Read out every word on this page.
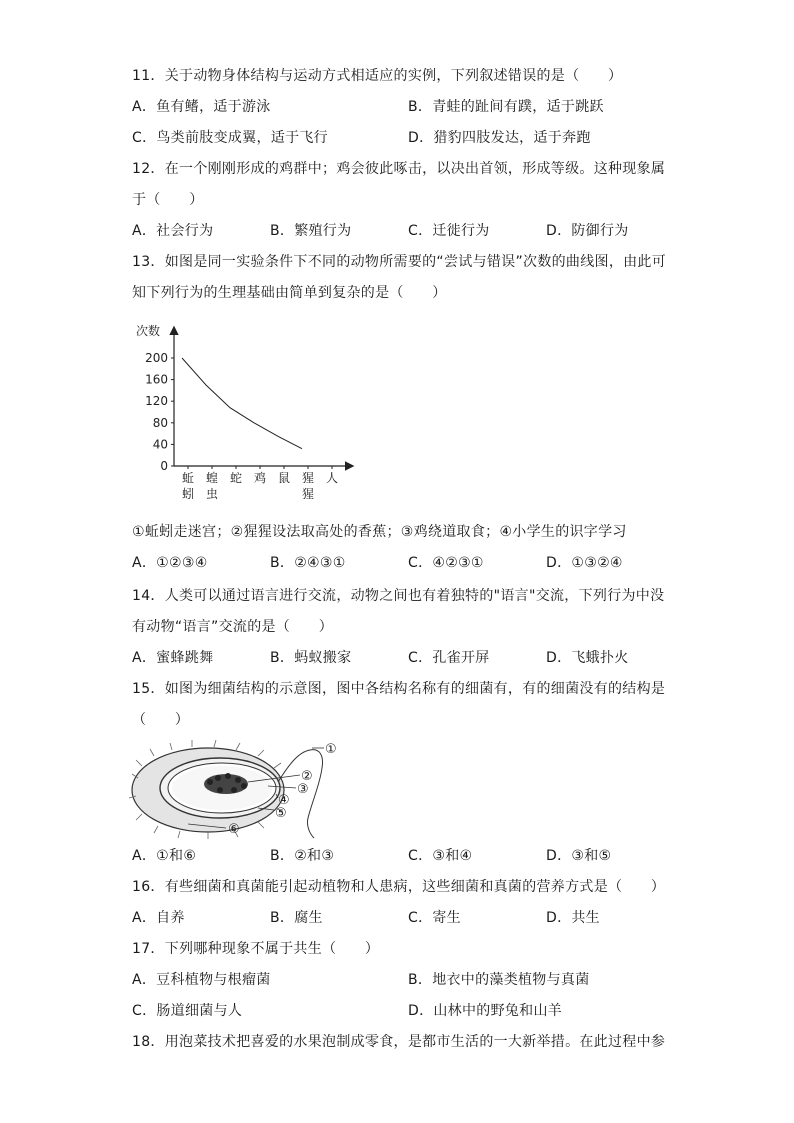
11．关于动物身体结构与运动方式相适应的实例，下列叙述错误的是（　　）
A．鱼有鳍，适于游泳	B．青蛙的趾间有蹼，适于跳跃
C．鸟类前肢变成翼，适于飞行	D．猎豹四肢发达，适于奔跑
12．在一个刚刚形成的鸡群中；鸡会彼此啄击，以决出首领，形成等级。这种现象属
于（　　）
A．社会行为	B．繁殖行为	C．迁徙行为	D．防御行为
13．如图是同一实验条件下不同的动物所需要的“尝试与错误”次数的曲线图，由此可
知下列行为的生理基础由简单到复杂的是（　　）
次数
0
40
80
120
160
200
蚯蚓
蝗虫
蛇 鸡 鼠 猩猩
人
①蚯蚓走迷宫；②猩猩设法取高处的香蕉；③鸡绕道取食；④小学生的识字学习
A．①②③④	B．②④③①	C．④②③①	D．①③②④
14．人类可以通过语言进行交流，动物之间也有着独特的"语言"交流，下列行为中没
有动物“语言”交流的是（　　）
A．蜜蜂跳舞	B．蚂蚁搬家	C．孔雀开屏	D．飞蛾扑火
15．如图为细菌结构的示意图，图中各结构名称有的细菌有，有的细菌没有的结构是
（　　）
①
②
③
④
⑤
⑥
A．①和⑥	B．②和③	C．③和④	D．③和⑤
16．有些细菌和真菌能引起动植物和人患病，这些细菌和真菌的营养方式是（　　）
A．自养	B．腐生	C．寄生	D．共生
17．下列哪种现象不属于共生（　　）
A．豆科植物与根瘤菌	B．地衣中的藻类植物与真菌
C．肠道细菌与人	D．山林中的野兔和山羊
18．用泡菜技术把喜爱的水果泡制成零食，是都市生活的一大新举措。在此过程中参
